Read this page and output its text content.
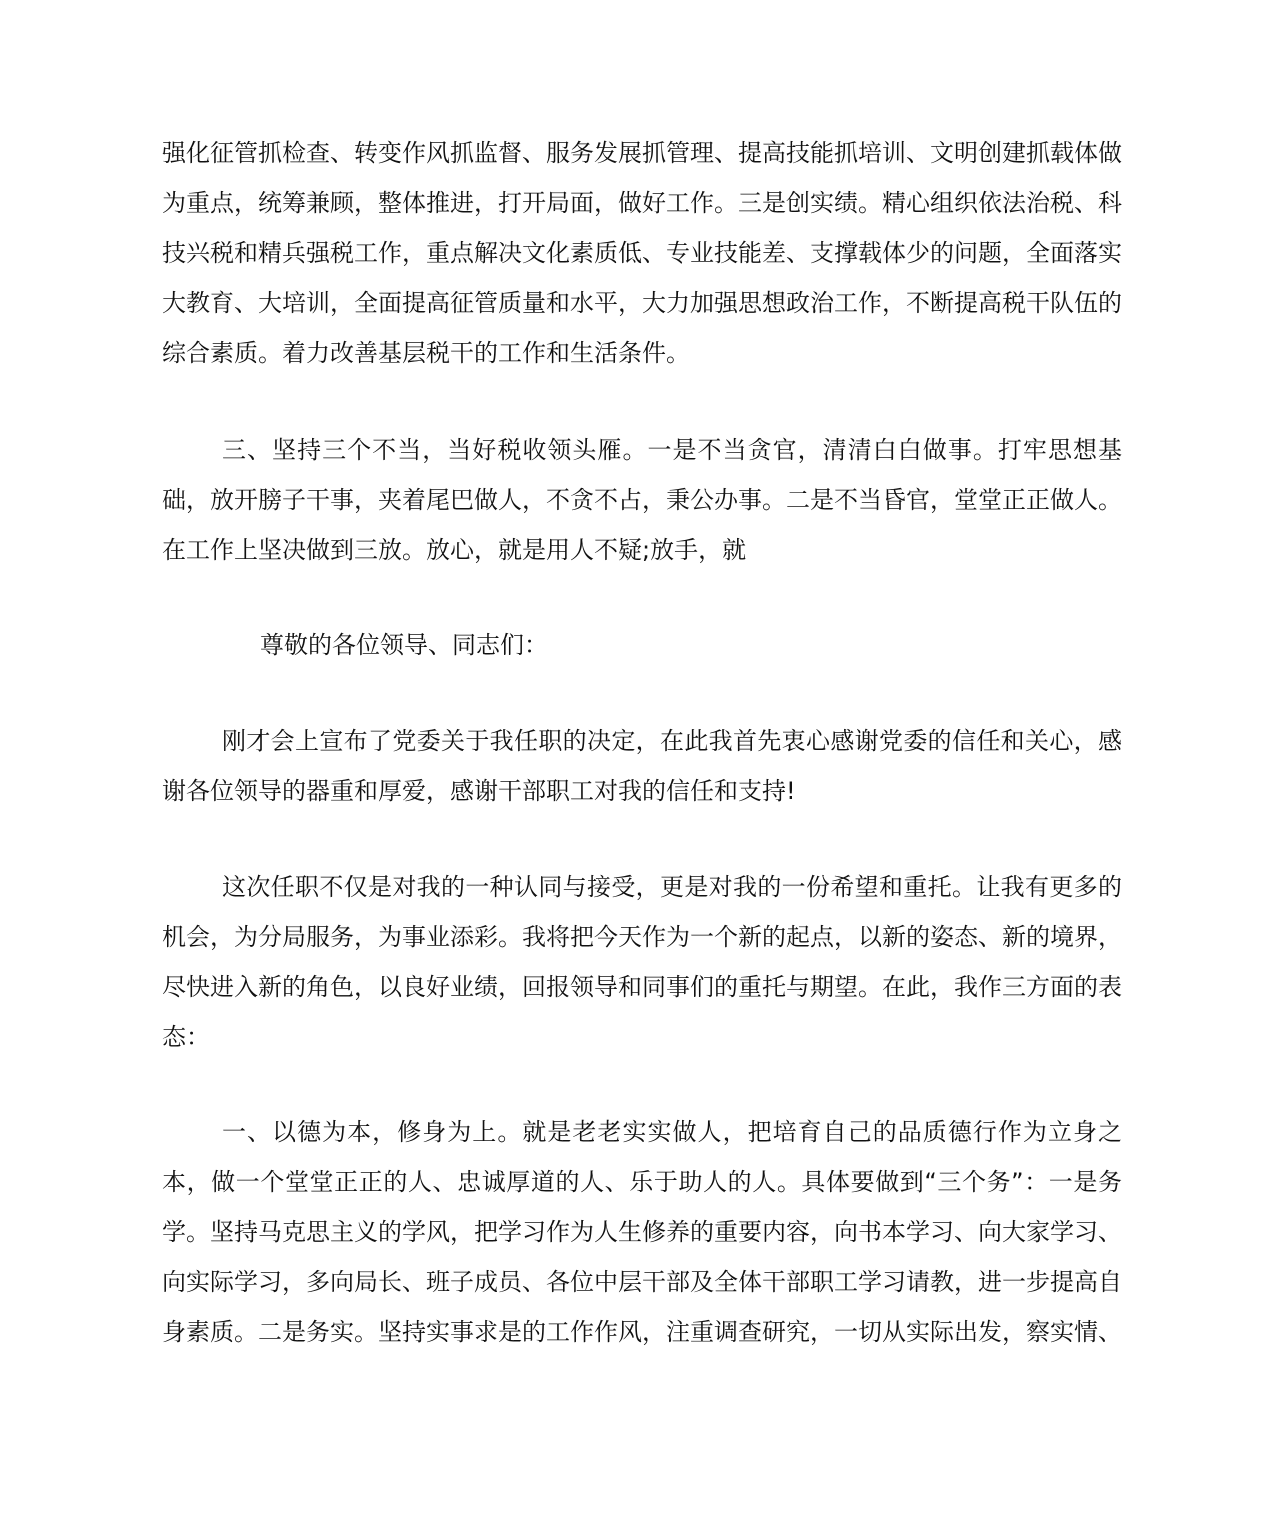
强化征管抓检查、转变作风抓监督、服务发展抓管理、提高技能抓培训、文明创建抓载体做为重点，统筹兼顾，整体推进，打开局面，做好工作。三是创实绩。精心组织依法治税、科技兴税和精兵强税工作，重点解决文化素质低、专业技能差、支撑载体少的问题，全面落实大教育、大培训，全面提高征管质量和水平，大力加强思想政治工作，不断提高税干队伍的综合素质。着力改善基层税干的工作和生活条件。

三、坚持三个不当，当好税收领头雁。一是不当贪官，清清白白做事。打牢思想基础，放开膀子干事，夹着尾巴做人，不贪不占，秉公办事。二是不当昏官，堂堂正正做人。在工作上坚决做到三放。放心，就是用人不疑;放手，就

尊敬的各位领导、同志们：

刚才会上宣布了党委关于我任职的决定，在此我首先衷心感谢党委的信任和关心，感谢各位领导的器重和厚爱，感谢干部职工对我的信任和支持!

这次任职不仅是对我的一种认同与接受，更是对我的一份希望和重托。让我有更多的机会，为分局服务，为事业添彩。我将把今天作为一个新的起点，以新的姿态、新的境界，尽快进入新的角色，以良好业绩，回报领导和同事们的重托与期望。在此，我作三方面的表态：

一、以德为本，修身为上。就是老老实实做人，把培育自己的品质德行作为立身之本，做一个堂堂正正的人、忠诚厚道的人、乐于助人的人。具体要做到“三个务”：一是务学。坚持马克思主义的学风，把学习作为人生修养的重要内容，向书本学习、向大家学习、向实际学习，多向局长、班子成员、各位中层干部及全体干部职工学习请教，进一步提高自身素质。二是务实。坚持实事求是的工作作风，注重调查研究，一切从实际出发，察实情、
